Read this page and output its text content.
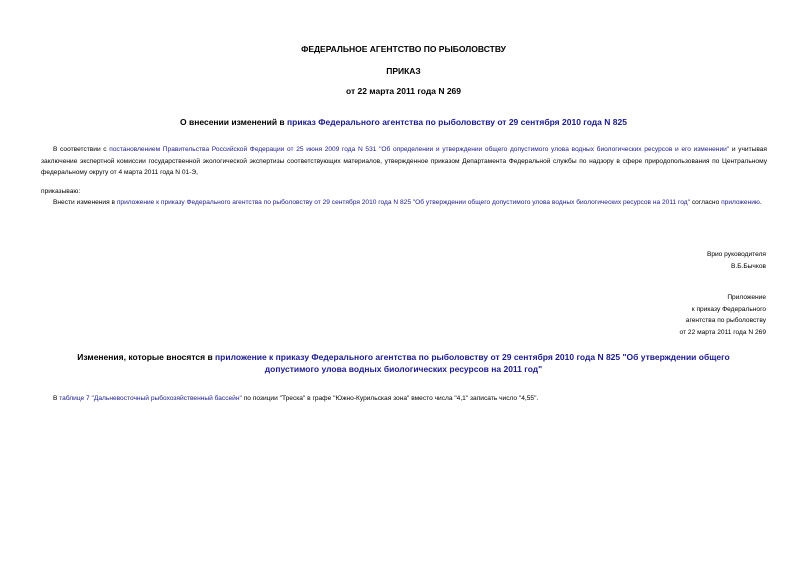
ФЕДЕРАЛЬНОЕ АГЕНТСТВО ПО РЫБОЛОВСТВУ
ПРИКАЗ
от 22 марта 2011 года N 269
О внесении изменений в приказ Федерального агентства по рыболовству от 29 сентября 2010 года N 825
В соответствии с постановлением Правительства Российской Федерации от 25 июня 2009 года N 531 "Об определении и утверждении общего допустимого улова водных биологических ресурсов и его изменении" и учитывая заключение экспертной комиссии государственной экологической экспертизы соответствующих материалов, утвержденное приказом Департамента Федеральной службы по надзору в сфере природопользования по Центральному федеральному округу от 4 марта 2011 года N 01-Э,
приказываю:
Внести изменения в приложение к приказу Федерального агентства по рыболовству от 29 сентября 2010 года N 825 "Об утверждении общего допустимого улова водных биологических ресурсов на 2011 год" согласно приложению.
Врио руководителя
В.Б.Бычков
Приложение
к приказу Федерального
агентства по рыболовству
от 22 марта 2011 года N 269
Изменения, которые вносятся в приложение к приказу Федерального агентства по рыболовству от 29 сентября 2010 года N 825 "Об утверждении общего допустимого улова водных биологических ресурсов на 2011 год"
В таблице 7 "Дальневосточный рыбохозяйственный бассейн" по позиции "Треска" в графе "Южно-Курильская зона" вместо числа "4,1" записать число "4,55".
